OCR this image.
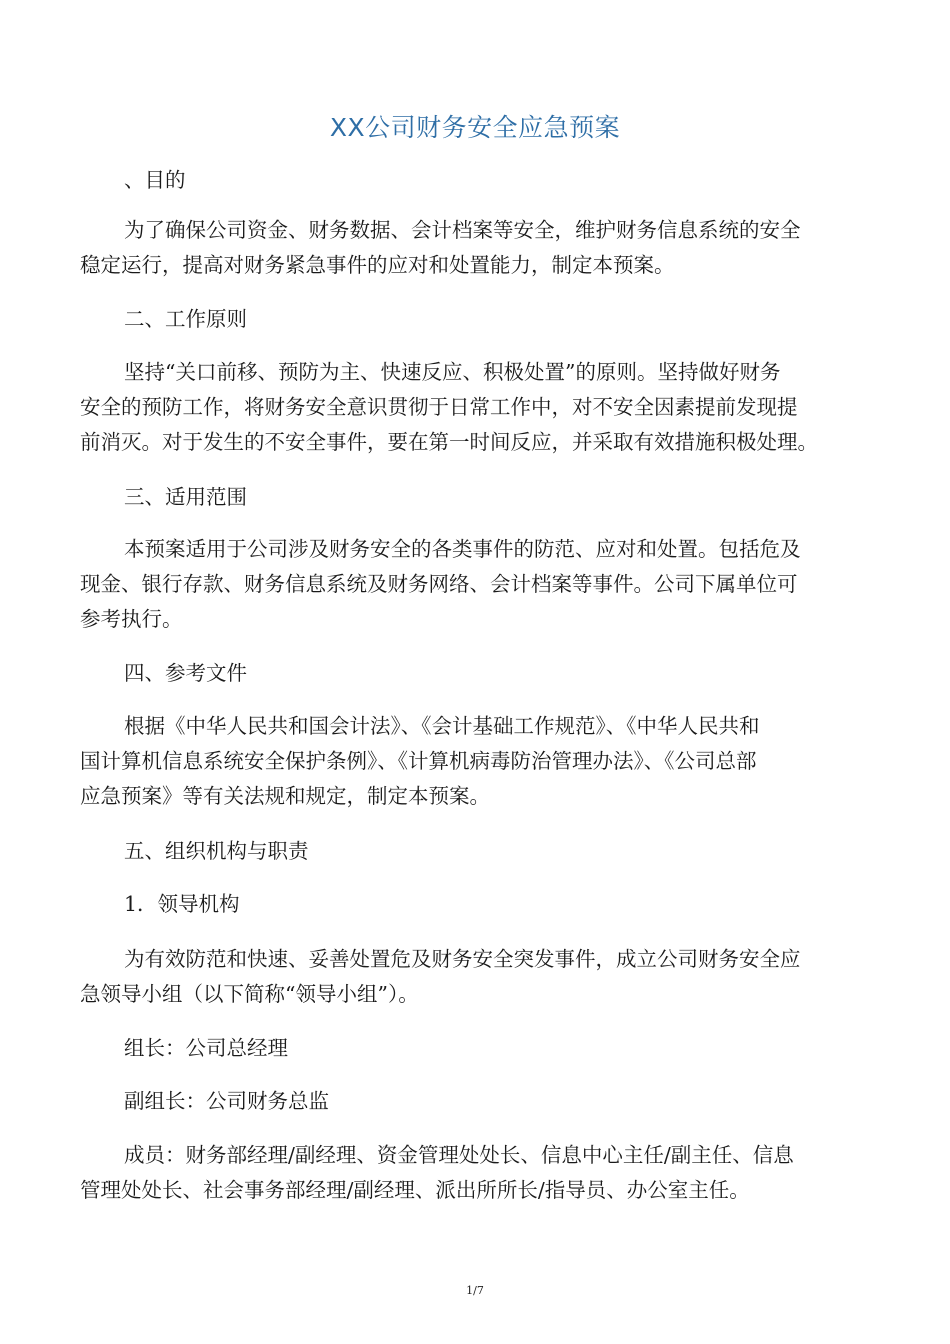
XX公司财务安全应急预案

、目的

为了确保公司资金、财务数据、会计档案等安全，维护财务信息系统的安全
稳定运行，提高对财务紧急事件的应对和处置能力，制定本预案。

二、工作原则

坚持“关口前移、预防为主、快速反应、积极处置”的原则。坚持做好财务
安全的预防工作，将财务安全意识贯彻于日常工作中，对不安全因素提前发现提
前消灭。对于发生的不安全事件，要在第一时间反应，并采取有效措施积极处理。

三、适用范围

本预案适用于公司涉及财务安全的各类事件的防范、应对和处置。包括危及
现金、银行存款、财务信息系统及财务网络、会计档案等事件。公司下属单位可
参考执行。

四、参考文件

根据《中华人民共和国会计法》、《会计基础工作规范》、《中华人民共和
国计算机信息系统安全保护条例》、《计算机病毒防治管理办法》、《公司总部
应急预案》等有关法规和规定，制定本预案。

五、组织机构与职责

1．领导机构

为有效防范和快速、妥善处置危及财务安全突发事件，成立公司财务安全应
急领导小组（以下简称“领导小组”）。

组长：公司总经理

副组长：公司财务总监

成员：财务部经理/副经理、资金管理处处长、信息中心主任/副主任、信息
管理处处长、社会事务部经理/副经理、派出所所长/指导员、办公室主任。

1/7
